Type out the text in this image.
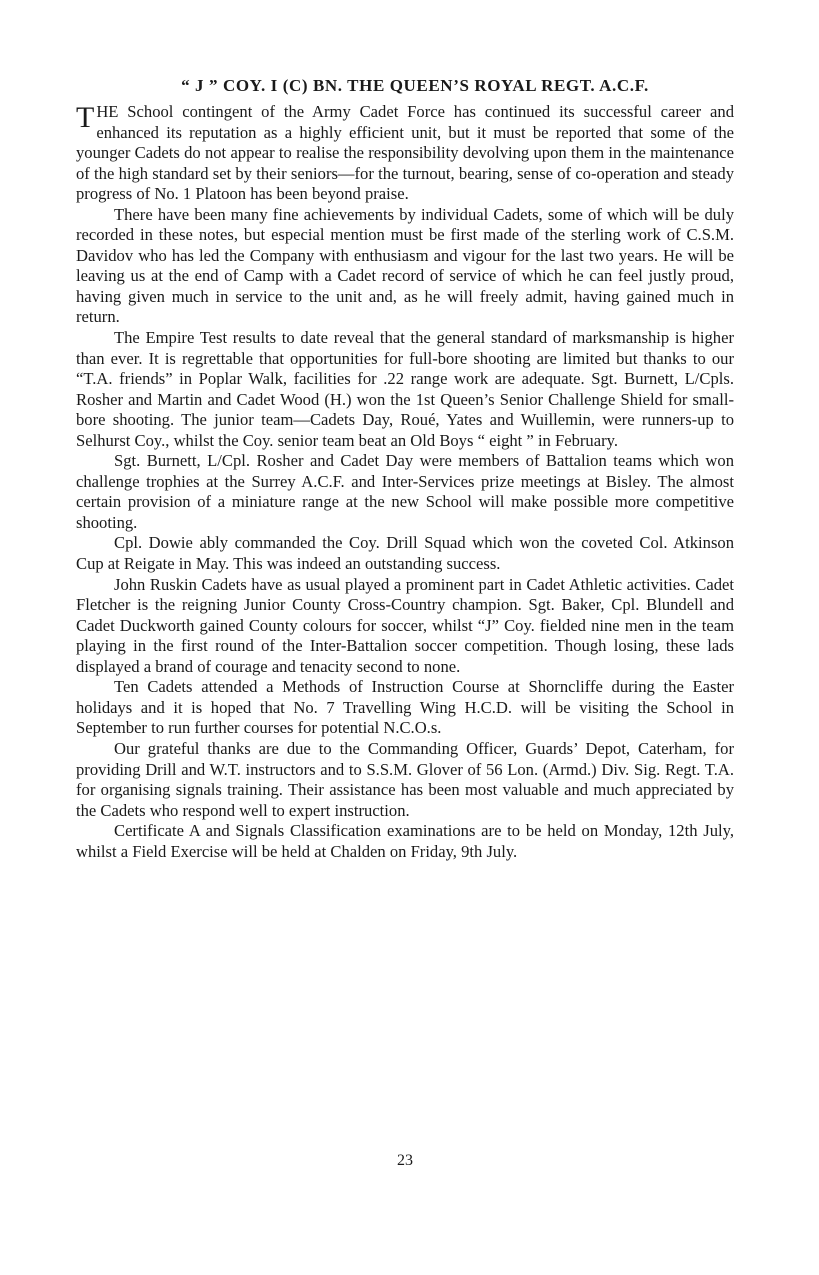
“ J ” COY. I (C) BN. THE QUEEN’S ROYAL REGT. A.C.F.

THE School contingent of the Army Cadet Force has continued its successful career and enhanced its reputation as a highly efficient unit, but it must be reported that some of the younger Cadets do not appear to realise the responsibility devolving upon them in the maintenance of the high standard set by their seniors—for the turnout, bearing, sense of co-operation and steady progress of No. 1 Platoon has been beyond praise.

There have been many fine achievements by individual Cadets, some of which will be duly recorded in these notes, but especial mention must be first made of the sterling work of C.S.M. Davidov who has led the Company with enthusiasm and vigour for the last two years. He will be leaving us at the end of Camp with a Cadet record of service of which he can feel justly proud, having given much in service to the unit and, as he will freely admit, having gained much in return.

The Empire Test results to date reveal that the general standard of marksmanship is higher than ever. It is regrettable that opportunities for full-bore shooting are limited but thanks to our “T.A. friends” in Poplar Walk, facilities for .22 range work are adequate. Sgt. Burnett, L/Cpls. Rosher and Martin and Cadet Wood (H.) won the 1st Queen’s Senior Challenge Shield for small-bore shooting. The junior team—Cadets Day, Roué, Yates and Wuillemin, were runners-up to Selhurst Coy., whilst the Coy. senior team beat an Old Boys “ eight ” in February.

Sgt. Burnett, L/Cpl. Rosher and Cadet Day were members of Battalion teams which won challenge trophies at the Surrey A.C.F. and Inter-Services prize meetings at Bisley. The almost certain provision of a miniature range at the new School will make possible more competitive shooting.

Cpl. Dowie ably commanded the Coy. Drill Squad which won the coveted Col. Atkinson Cup at Reigate in May. This was indeed an outstanding success.

John Ruskin Cadets have as usual played a prominent part in Cadet Athletic activities. Cadet Fletcher is the reigning Junior County Cross-Country champion. Sgt. Baker, Cpl. Blundell and Cadet Duckworth gained County colours for soccer, whilst “J” Coy. fielded nine men in the team playing in the first round of the Inter-Battalion soccer competition. Though losing, these lads displayed a brand of courage and tenacity second to none.

Ten Cadets attended a Methods of Instruction Course at Shorncliffe during the Easter holidays and it is hoped that No. 7 Travelling Wing H.C.D. will be visiting the School in September to run further courses for potential N.C.O.s.

Our grateful thanks are due to the Commanding Officer, Guards’ Depot, Caterham, for providing Drill and W.T. instructors and to S.S.M. Glover of 56 Lon. (Armd.) Div. Sig. Regt. T.A. for organising signals training. Their assistance has been most valuable and much appreciated by the Cadets who respond well to expert instruction.

Certificate A and Signals Classification examinations are to be held on Monday, 12th July, whilst a Field Exercise will be held at Chalden on Friday, 9th July.

23
